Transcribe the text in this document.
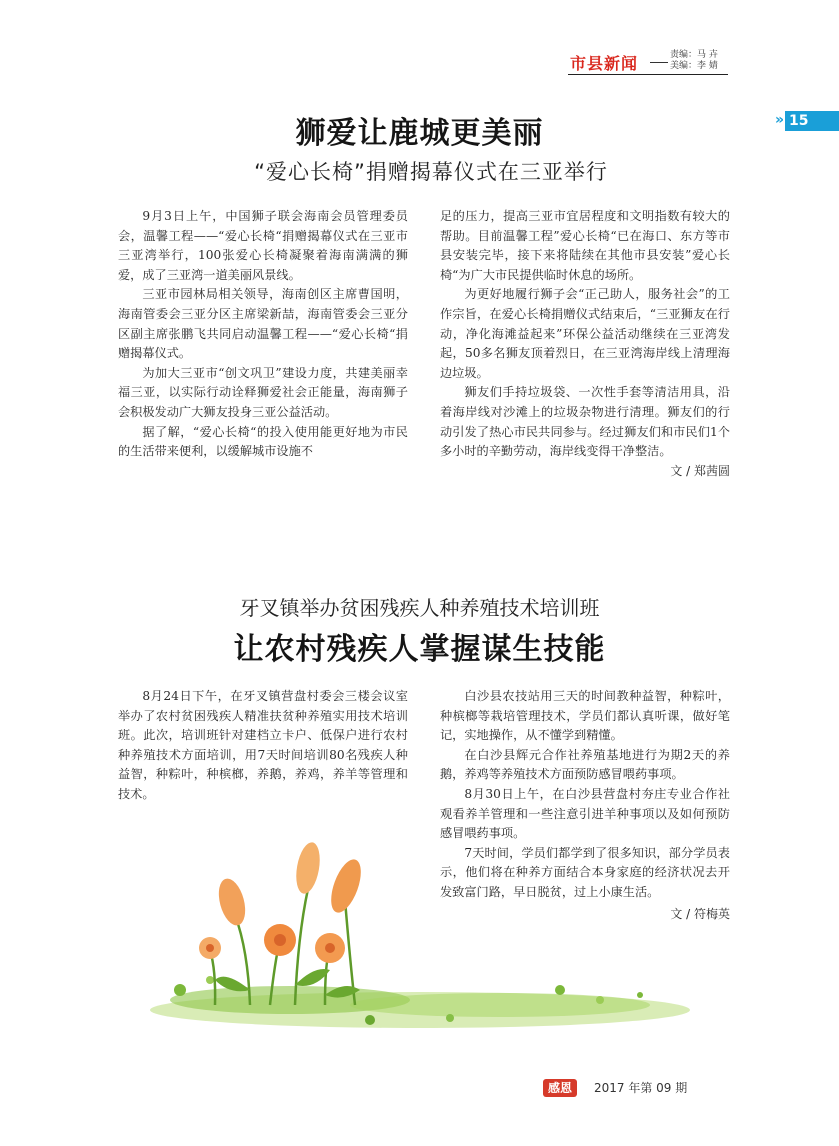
市县新闻	责编：马 卉
美编：李 婧
» 15
狮爱让鹿城更美丽
“爱心长椅”捐赠揭幕仪式在三亚举行

9月3日上午，中国狮子联会海南会员管理委员会，温馨工程——“爱心长椅“捐赠揭幕仪式在三亚市三亚湾举行，100张爱心长椅凝聚着海南满满的狮爱，成了三亚湾一道美丽风景线。

三亚市园林局相关领导，海南创区主席曹国明，海南管委会三亚分区主席梁新喆，海南管委会三亚分区副主席张鹏飞共同启动温馨工程——“爱心长椅“捐赠揭幕仪式。

为加大三亚市“创文巩卫”建设力度，共建美丽幸福三亚，以实际行动诠释狮爱社会正能量，海南狮子会积极发动广大狮友投身三亚公益活动。

据了解，“爱心长椅“的投入使用能更好地为市民的生活带来便利，以缓解城市设施不

足的压力，提高三亚市宜居程度和文明指数有较大的帮助。目前温馨工程”爱心长椅“已在海口、东方等市县安装完毕，接下来将陆续在其他市县安装”爱心长椅“为广大市民提供临时休息的场所。

为更好地履行狮子会“正己助人，服务社会”的工作宗旨，在爱心长椅捐赠仪式结束后，“三亚狮友在行动，净化海滩益起来”环保公益活动继续在三亚湾发起，50多名狮友顶着烈日，在三亚湾海岸线上清理海边垃圾。

狮友们手持垃圾袋、一次性手套等清洁用具，沿着海岸线对沙滩上的垃圾杂物进行清理。狮友们的行动引发了热心市民共同参与。经过狮友们和市民们1个多小时的辛勤劳动，海岸线变得干净整洁。
文 / 郑茜圆

牙叉镇举办贫困残疾人种养殖技术培训班
让农村残疾人掌握谋生技能

8月24日下午，在牙叉镇营盘村委会三楼会议室举办了农村贫困残疾人精准扶贫种养殖实用技术培训班。此次，培训班针对建档立卡户、低保户进行农村种养殖技术方面培训，用7天时间培训80名残疾人种益智，种粽叶，种槟榔，养鹅，养鸡，养羊等管理和技术。

白沙县农技站用三天的时间教种益智，种粽叶，种槟榔等栽培管理技术，学员们都认真听课，做好笔记，实地操作，从不懂学到精懂。

在白沙县辉元合作社养殖基地进行为期2天的养鹅，养鸡等养殖技术方面预防感冒喂药事项。

8月30日上午，在白沙县营盘村夯庄专业合作社观看养羊管理和一些注意引进羊种事项以及如何预防感冒喂药事项。

7天时间，学员们都学到了很多知识，部分学员表示，他们将在种养方面结合本身家庭的经济状况去开发致富门路，早日脱贫，过上小康生活。

文 / 符梅英
感恩	2017 年第 09 期
